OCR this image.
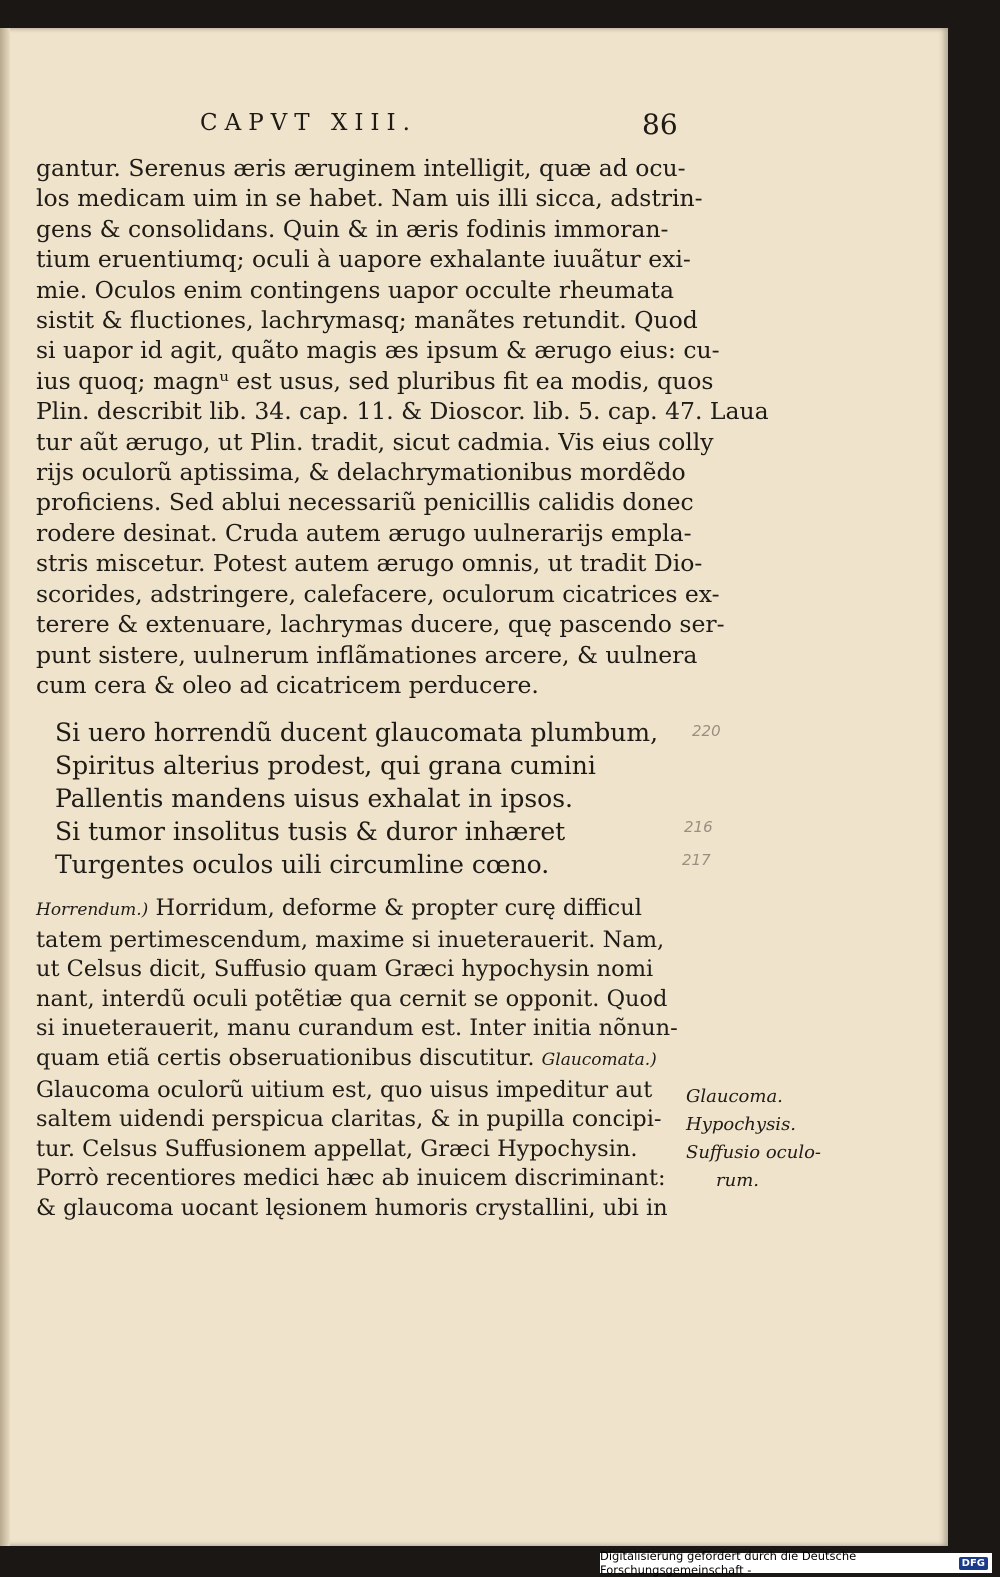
CAPVT XIII.	86
gantur. Serenus æris æruginem intelligit, quæ ad ocu-
los medicam uim in se habet. Nam uis illi sicca, adstrin-
gens & consolidans. Quin & in æris fodinis immoran-
tium eruentiumq; oculi à uapore exhalante iuuãtur exi-
mie. Oculos enim contingens uapor occulte rheumata
sistit & fluctiones, lachrymasq; manãtes retundit. Quod
si uapor id agit, quãto magis æs ipsum & ærugo eius: cu-
ius quoq; magnᵘ est usus, sed pluribus fit ea modis, quos
Plin. describit lib. 34. cap. 11. & Dioscor. lib. 5. cap. 47. Laua
tur aũt ærugo, ut Plin. tradit, sicut cadmia. Vis eius colly
rijs oculorũ aptissima, & delachrymationibus mordẽdo
proficiens. Sed ablui necessariũ penicillis calidis donec
rodere desinat. Cruda autem ærugo uulnerarijs empla-
stris miscetur. Potest autem ærugo omnis, ut tradit Dio-
scorides, adstringere, calefacere, oculorum cicatrices ex-
terere & extenuare, lachrymas ducere, quę pascendo ser-
punt sistere, uulnerum inflãmationes arcere, & uulnera
cum cera & oleo ad cicatricem perducere.
Si uero horrendũ ducent glaucomata plumbum,
Spiritus alterius prodest, qui grana cumini
Pallentis mandens uisus exhalat in ipsos.
Si tumor insolitus tusis & duror inhæret
Turgentes oculos uili circumline cœno.
220
216
217
Horrendum.) Horridum, deforme & propter curę difficul
tatem pertimescendum, maxime si inueterauerit. Nam,
ut Celsus dicit, Suffusio quam Græci hypochysin nomi
nant, interdũ oculi potẽtiæ qua cernit se opponit. Quod
si inueterauerit, manu curandum est. Inter initia nõnun-
quam etiã certis obseruationibus discutitur. Glaucomata.)
Glaucoma oculorũ uitium est, quo uisus impeditur aut
saltem uidendi perspicua claritas, & in pupilla concipi-
tur. Celsus Suffusionem appellat, Græci Hypochysin.
Porrò recentiores medici hæc ab inuicem discriminant:
& glaucoma uocant lęsionem humoris crystallini, ubi in
Glaucoma.
Hypochysis.
Suffusio oculo-
rum.
Digitalisierung gefördert durch die Deutsche Forschungsgemeinschaft -	DFG
